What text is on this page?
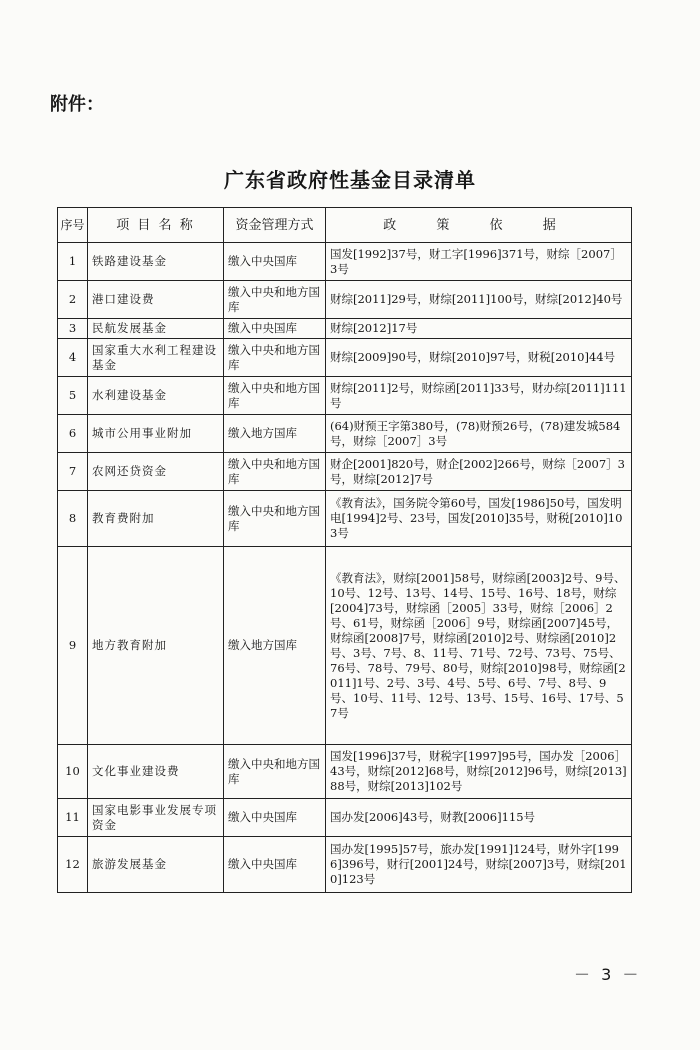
附件：
广东省政府性基金目录清单
序号	项 目 名 称	资金管理方式	政 策 依 据
1	铁路建设基金	缴入中央国库	国发[1992]37号，财工字[1996]371号，财综［2007］3号
2	港口建设费	缴入中央和地方国库	财综[2011]29号，财综[2011]100号，财综[2012]40号
3	民航发展基金	缴入中央国库	财综[2012]17号
4	国家重大水利工程建设基金	缴入中央和地方国库	财综[2009]90号，财综[2010]97号，财税[2010]44号
5	水利建设基金	缴入中央和地方国库	财综[2011]2号，财综函[2011]33号，财办综[2011]111号
6	城市公用事业附加	缴入地方国库	(64)财预王字第380号，(78)财预26号，(78)建发城584号，财综［2007］3号
7	农网还贷资金	缴入中央和地方国库	财企[2001]820号，财企[2002]266号，财综［2007］3号，财综[2012]7号
8	教育费附加	缴入中央和地方国库	《教育法》，国务院令第60号，国发[1986]50号，国发明电[1994]2号、23号，国发[2010]35号，财税[2010]103号
9	地方教育附加	缴入地方国库	《教育法》，财综[2001]58号，财综函[2003]2号、9号、10号、12号、13号、14号、15号、16号、18号，财综[2004]73号，财综函［2005］33号，财综［2006］2号、61号，财综函［2006］9号，财综函[2007]45号，财综函[2008]7号，财综函[2010]2号、财综函[2010]2号、3号、7号、8、11号、71号、72号、73号、75号、76号、78号、79号、80号，财综[2010]98号，财综函[2011]1号、2号、3号、4号、5号、6号、7号、8号、9号、10号、11号、12号、13号、15号、16号、17号、57号
10	文化事业建设费	缴入中央和地方国库	国发[1996]37号，财税字[1997]95号，国办发［2006］43号，财综[2012]68号，财综[2012]96号，财综[2013]88号，财综[2013]102号
11	国家电影事业发展专项资金	缴入中央国库	国办发[2006]43号，财教[2006]115号
12	旅游发展基金	缴入中央国库	国办发[1995]57号，旅办发[1991]124号，财外字[1996]396号，财行[2001]24号，财综[2007]3号，财综[2010]123号
－ 3 －
